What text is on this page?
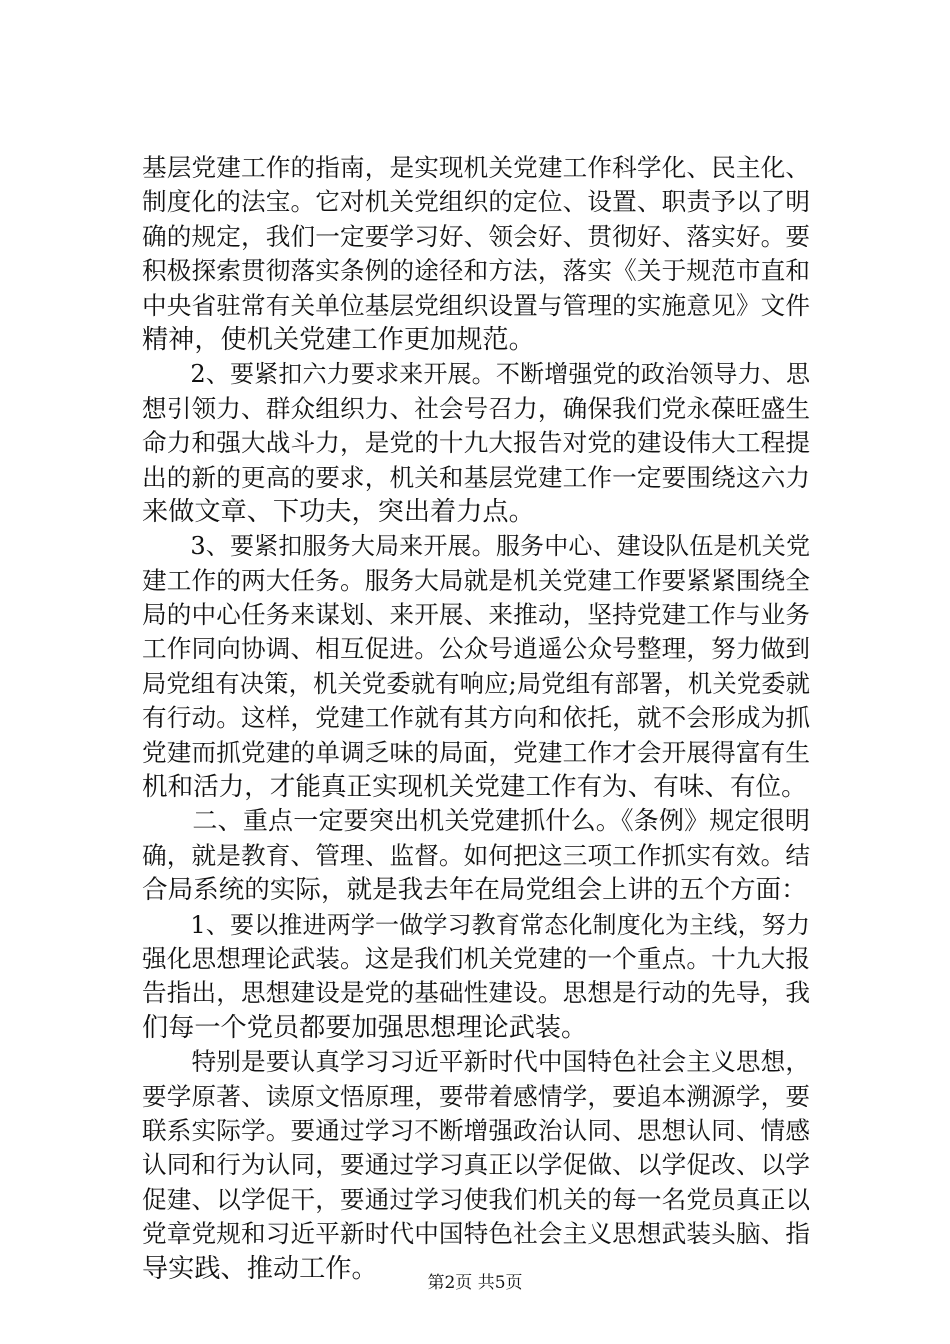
基层党建工作的指南，是实现机关党建工作科学化、民主化、
制度化的法宝。它对机关党组织的定位、设置、职责予以了明
确的规定，我们一定要学习好、领会好、贯彻好、落实好。要
积极探索贯彻落实条例的途径和方法，落实《关于规范市直和
中央省驻常有关单位基层党组织设置与管理的实施意见》文件
精神，使机关党建工作更加规范。
　　2、要紧扣六力要求来开展。不断增强党的政治领导力、思
想引领力、群众组织力、社会号召力，确保我们党永葆旺盛生
命力和强大战斗力，是党的十九大报告对党的建设伟大工程提
出的新的更高的要求，机关和基层党建工作一定要围绕这六力
来做文章、下功夫，突出着力点。
　　3、要紧扣服务大局来开展。服务中心、建设队伍是机关党
建工作的两大任务。服务大局就是机关党建工作要紧紧围绕全
局的中心任务来谋划、来开展、来推动，坚持党建工作与业务
工作同向协调、相互促进。公众号逍遥公众号整理，努力做到
局党组有决策，机关党委就有响应;局党组有部署，机关党委就
有行动。这样，党建工作就有其方向和依托，就不会形成为抓
党建而抓党建的单调乏味的局面，党建工作才会开展得富有生
机和活力，才能真正实现机关党建工作有为、有味、有位。
　　二、重点一定要突出机关党建抓什么。《条例》规定很明
确，就是教育、管理、监督。如何把这三项工作抓实有效。结
合局系统的实际，就是我去年在局党组会上讲的五个方面：
　　1、要以推进两学一做学习教育常态化制度化为主线，努力
强化思想理论武装。这是我们机关党建的一个重点。十九大报
告指出，思想建设是党的基础性建设。思想是行动的先导，我
们每一个党员都要加强思想理论武装。
　　特别是要认真学习习近平新时代中国特色社会主义思想，
要学原著、读原文悟原理，要带着感情学，要追本溯源学，要
联系实际学。要通过学习不断增强政治认同、思想认同、情感
认同和行为认同，要通过学习真正以学促做、以学促改、以学
促建、以学促干，要通过学习使我们机关的每一名党员真正以
党章党规和习近平新时代中国特色社会主义思想武装头脑、指
导实践、推动工作。	第2页 共5页
